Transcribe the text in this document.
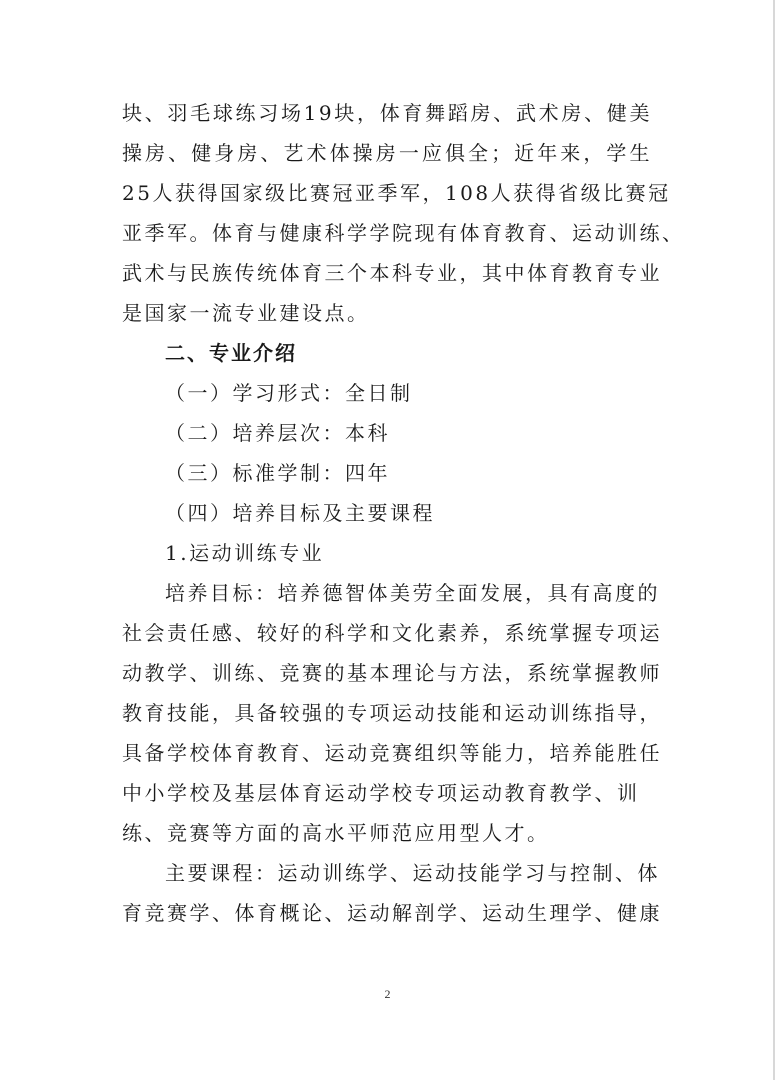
块、羽毛球练习场19块，体育舞蹈房、武术房、健美
操房、健身房、艺术体操房一应俱全；近年来，学生
25人获得国家级比赛冠亚季军，108人获得省级比赛冠
亚季军。体育与健康科学学院现有体育教育、运动训练、
武术与民族传统体育三个本科专业，其中体育教育专业
是国家一流专业建设点。
二、专业介绍
（一）学习形式：全日制
（二）培养层次：本科
（三）标准学制：四年
（四）培养目标及主要课程
1.运动训练专业
培养目标：培养德智体美劳全面发展，具有高度的
社会责任感、较好的科学和文化素养，系统掌握专项运
动教学、训练、竞赛的基本理论与方法，系统掌握教师
教育技能，具备较强的专项运动技能和运动训练指导，
具备学校体育教育、运动竞赛组织等能力，培养能胜任
中小学校及基层体育运动学校专项运动教育教学、训
练、竞赛等方面的高水平师范应用型人才。
主要课程：运动训练学、运动技能学习与控制、体
育竞赛学、体育概论、运动解剖学、运动生理学、健康
2
